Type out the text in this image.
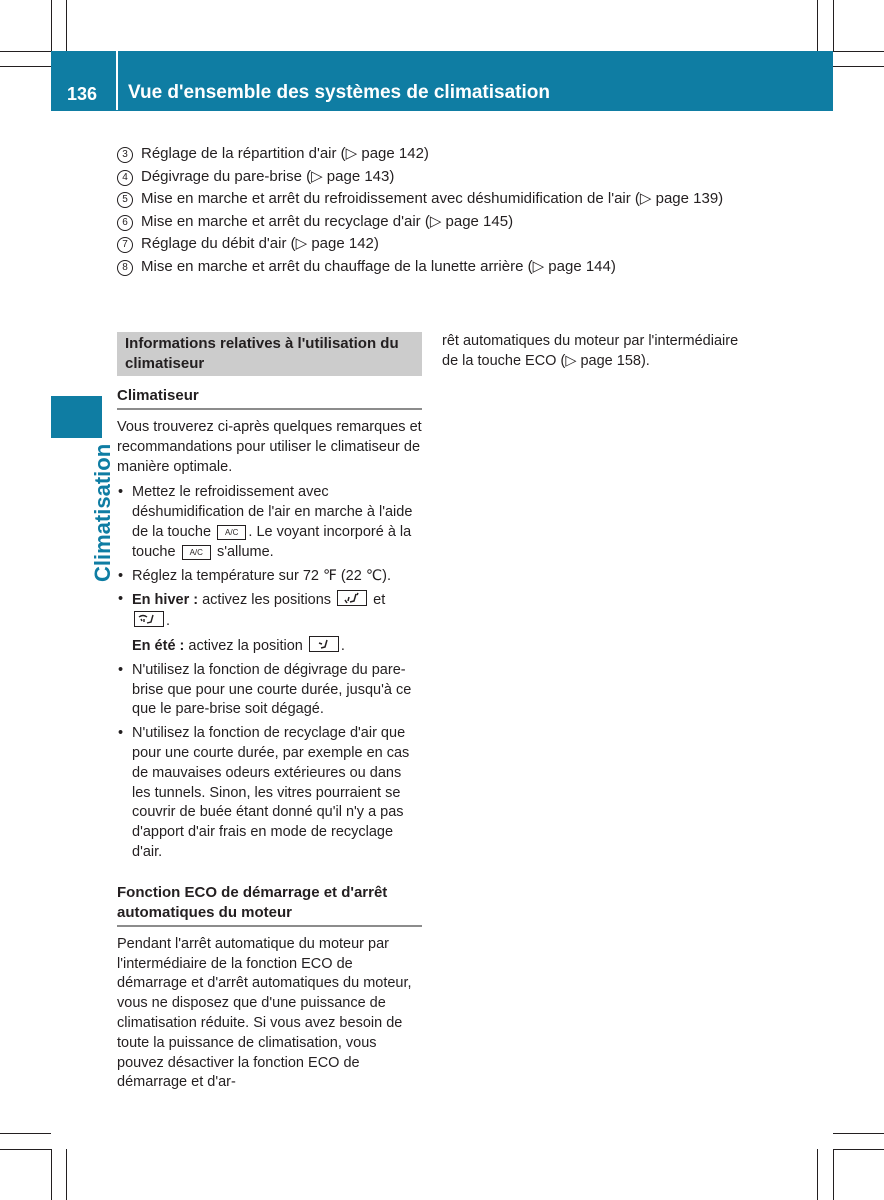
136	Vue d'ensemble des systèmes de climatisation
Climatisation
3 Réglage de la répartition d'air (▷ page 142)
4 Dégivrage du pare-brise (▷ page 143)
5 Mise en marche et arrêt du refroidissement avec déshumidification de l'air (▷ page 139)
6 Mise en marche et arrêt du recyclage d'air (▷ page 145)
7 Réglage du débit d'air (▷ page 142)
8 Mise en marche et arrêt du chauffage de la lunette arrière (▷ page 144)
Informations relatives à l'utilisation du climatiseur
Climatiseur

Vous trouverez ci-après quelques remarques et recommandations pour utiliser le climatiseur de manière optimale.

• Mettez le refroidissement avec déshumidification de l'air en marche à l'aide de la touche A/C . Le voyant incorporé à la touche A/C s'allume.
• Réglez la température sur 72 ℉ (22 ℃).
• En hiver : activez les positions	et

.
En été : activez la position	.
• N'utilisez la fonction de dégivrage du pare-brise que pour une courte durée, jusqu'à ce que le pare-brise soit dégagé.
• N'utilisez la fonction de recyclage d'air que pour une courte durée, par exemple en cas de mauvaises odeurs extérieures ou dans les tunnels. Sinon, les vitres pourraient se couvrir de buée étant donné qu'il n'y a pas d'apport d'air frais en mode de recyclage d'air.
Fonction ECO de démarrage et d'arrêt automatiques du moteur

Pendant l'arrêt automatique du moteur par l'intermédiaire de la fonction ECO de démarrage et d'arrêt automatiques du moteur, vous ne disposez que d'une puissance de climatisation réduite. Si vous avez besoin de toute la puissance de climatisation, vous pouvez désactiver la fonction ECO de démarrage et d'ar-

rêt automatiques du moteur par l'intermédiaire de la touche ECO (▷ page 158).
